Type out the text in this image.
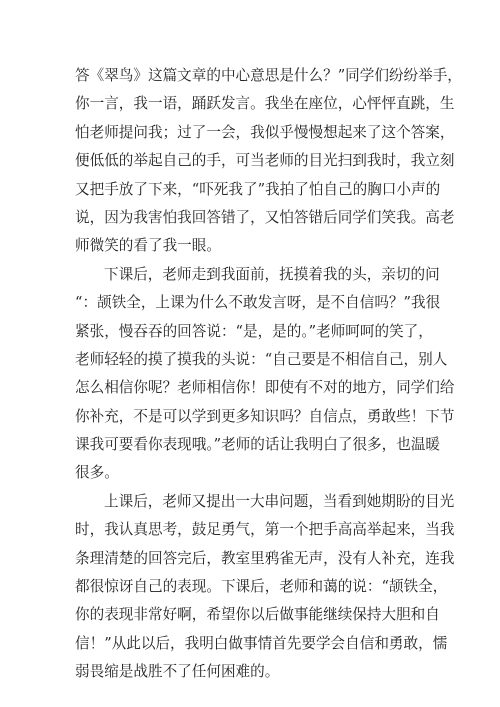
答《翠鸟》这篇文章的中心意思是什么？”同学们纷纷举手，
你一言，我一语，踊跃发言。我坐在座位，心怦怦直跳，生
怕老师提问我；过了一会，我似乎慢慢想起来了这个答案，
便低低的举起自己的手，可当老师的目光扫到我时，我立刻
又把手放了下来，“吓死我了”我拍了怕自己的胸口小声的
说，因为我害怕我回答错了，又怕答错后同学们笑我。高老
师微笑的看了我一眼。
下课后，老师走到我面前，抚摸着我的头，亲切的问
“：颉铁全，上课为什么不敢发言呀，是不自信吗？”我很
紧张，慢吞吞的回答说：“是，是的。”老师呵呵的笑了，
老师轻轻的摸了摸我的头说：“自己要是不相信自己，别人
怎么相信你呢？老师相信你！即使有不对的地方，同学们给
你补充，不是可以学到更多知识吗？自信点，勇敢些！下节
课我可要看你表现哦。”老师的话让我明白了很多，也温暖
很多。
上课后，老师又提出一大串问题，当看到她期盼的目光
时，我认真思考，鼓足勇气，第一个把手高高举起来，当我
条理清楚的回答完后，教室里鸦雀无声，没有人补充，连我
都很惊讶自己的表现。下课后，老师和蔼的说：“颉铁全，
你的表现非常好啊，希望你以后做事能继续保持大胆和自
信！”从此以后，我明白做事情首先要学会自信和勇敢，懦
弱畏缩是战胜不了任何困难的。
